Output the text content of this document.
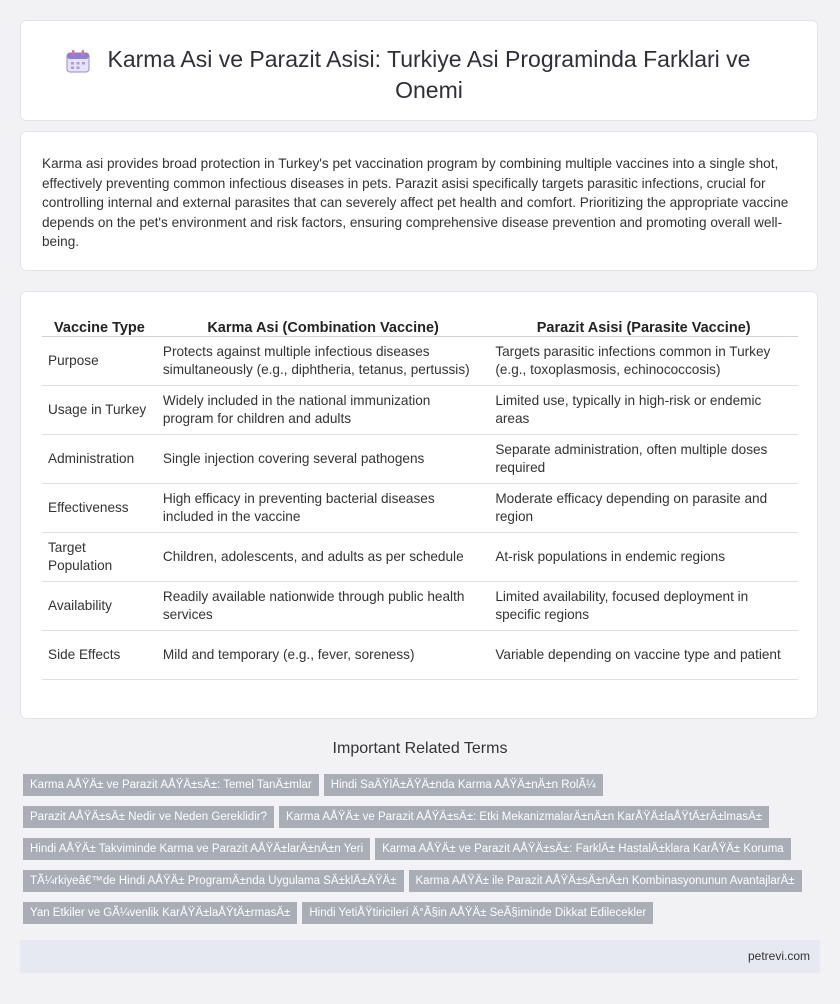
Karma Asi ve Parazit Asisi: Turkiye Asi Programinda Farklari ve Onemi

Karma asi provides broad protection in Turkey's pet vaccination program by combining multiple vaccines into a single shot, effectively preventing common infectious diseases in pets. Parazit asisi specifically targets parasitic infections, crucial for controlling internal and external parasites that can severely affect pet health and comfort. Prioritizing the appropriate vaccine depends on the pet's environment and risk factors, ensuring comprehensive disease prevention and promoting overall well-being.

Vaccine Type	Karma Asi (Combination Vaccine)	Parazit Asisi (Parasite Vaccine)
Purpose	Protects against multiple infectious diseases simultaneously (e.g., diphtheria, tetanus, pertussis)	Targets parasitic infections common in Turkey (e.g., toxoplasmosis, echinococcosis)
Usage in Turkey	Widely included in the national immunization program for children and adults	Limited use, typically in high-risk or endemic areas
Administration	Single injection covering several pathogens	Separate administration, often multiple doses required
Effectiveness	High efficacy in preventing bacterial diseases included in the vaccine	Moderate efficacy depending on parasite and region
Target Population	Children, adolescents, and adults as per schedule	At-risk populations in endemic regions
Availability	Readily available nationwide through public health services	Limited availability, focused deployment in specific regions
Side Effects	Mild and temporary (e.g., fever, soreness)	Variable depending on vaccine type and patient
Important Related Terms
Karma AÅŸÄ± ve Parazit AÅŸÄ±sÄ±: Temel TanÄ±mlar Hindi SaÄŸlÄ±ÄŸÄ±nda Karma AÅŸÄ±nÄ±n RolÃ¼
Parazit AÅŸÄ±sÄ± Nedir ve Neden Gereklidir? Karma AÅŸÄ± ve Parazit AÅŸÄ±sÄ±: Etki MekanizmalarÄ±nÄ±n KarÅŸÄ±laÅŸtÄ±rÄ±lmasÄ±
Hindi AÅŸÄ± Takviminde Karma ve Parazit AÅŸÄ±larÄ±nÄ±n Yeri Karma AÅŸÄ± ve Parazit AÅŸÄ±sÄ±: FarklÄ± HastalÄ±klara KarÅŸÄ± Koruma
TÃ¼rkiyeâ€™de Hindi AÅŸÄ± ProgramÄ±nda Uygulama SÄ±klÄ±ÄŸÄ± Karma AÅŸÄ± ile Parazit AÅŸÄ±sÄ±nÄ±n Kombinasyonunun AvantajlarÄ±
Yan Etkiler ve GÃ¼venlik KarÅŸÄ±laÅŸtÄ±rmasÄ± Hindi YetiÅŸtiricileri Ä°Ã§in AÅŸÄ± SeÃ§iminde Dikkat Edilecekler
petrevi.com
